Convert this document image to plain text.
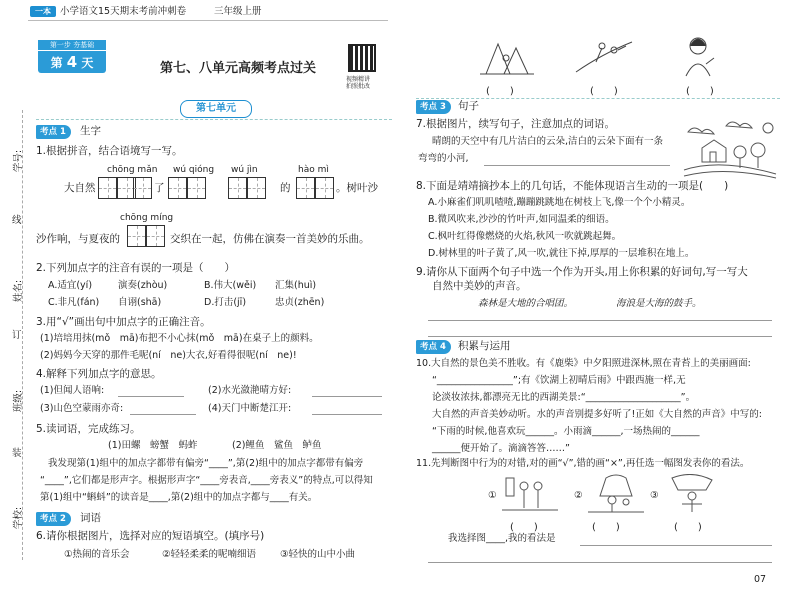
一本 小学语文15天期末考前冲刺卷	三年级上册
第一步 夯基础
第 4 天	第七、八单元高频考点过关
视频精讲
拍照批改
学号:
线
姓名:
订
班级:
装
学校:
第七单元
考点 1	生字
1.根据拼音，结合语境写一写。
chōng mǎn wú qióng wú jìn	hào mì
大自然	了	的	。树叶沙
chōng míng
沙作响，与夏夜的	交织在一起，仿佛在演奏一首美妙的乐曲。
2.下列加点字的注音有误的一项是（　　）
A.适宜(yí)	演奏(zhòu)	B.伟大(wěi) 汇集(huì)
C.非凡(fán) 自诩(shā)	D.打击(jī)	忠贞(zhēn)
3.用“√”画出句中加点字的正确注音。
(1)培培用抹(mǒ　mā)布把不小心抹(mǒ　mā)在桌子上的颜料。
(2)妈妈今天穿的那件毛呢(ní　ne)大衣,好看得很呢(ní　ne)!
4.解释下列加点字的意思。
(1)但闻人语响:	(2)水光潋滟晴方好:
(3)山色空蒙雨亦奇:	(4)天门中断楚江开:
5.读词语，完成练习。
(1)田螺　螃蟹　蚂蚱	(2)鲤鱼　鲨鱼　鲈鱼
我发现第(1)组中的加点字都带有偏旁“____”,第(2)组中的加点字都带有偏旁
“____”,它们都是形声字。根据形声字“____旁表音,____旁表义”的特点,可以得知
第(1)组中“蝌蚪”的读音是____,第(2)组中的加点字都与____有关。
考点 2	词语
6.请你根据图片，选择对应的短语填空。(填序号)
①热闹的音乐会	②轻轻柔柔的呢喃细语	③轻快的山中小曲
(　　)	(　　)	(　　)
考点 3	句子
7.根据图片，续写句子，注意加点的词语。
晴朗的天空中有几片洁白的云朵,洁白的云朵下面有一条
弯弯的小河,
8.下面是靖靖摘抄本上的几句话，不能体现语言生动的一项是(　　)
A.小麻雀们叽叽喳喳,蹦蹦跳跳地在树枝上飞,像一个个小精灵。
B.微风吹来,沙沙的竹叶声,如同温柔的细语。
C.枫叶红得像燃烧的火焰,秋风一吹就跳起舞。
D.树林里的叶子黄了,风一吹,就往下掉,厚厚的一层堆积在地上。
9.请你从下面两个句子中选一个作为开头,用上你积累的好词句,写一写大
自然中美妙的声音。
森林是大地的合唱团。	海浪是大海的鼓手。
考点 4	积累与运用
10.大自然的景色美不胜收。有《鹿柴》中夕阳照进深林,照在青苔上的美丽画面:
“________________”;有《饮湖上初晴后雨》中跟西施一样,无
论淡妆浓抹,都漂亮无比的西湖美景:“____________________”。
大自然的声音美妙动听。水的声音别提多好听了!正如《大自然的声音》中写的:
“下雨的时候,他喜欢玩______。小雨滴______,一场热闹的______
______便开始了。滴滴答答……”
11.先判断图中行为的对错,对的画“√”,错的画“×”,再任选一幅图发表你的看法。
①
(　　)
②
(　　)
③
(　　)
我选择图____,我的看法是
07
